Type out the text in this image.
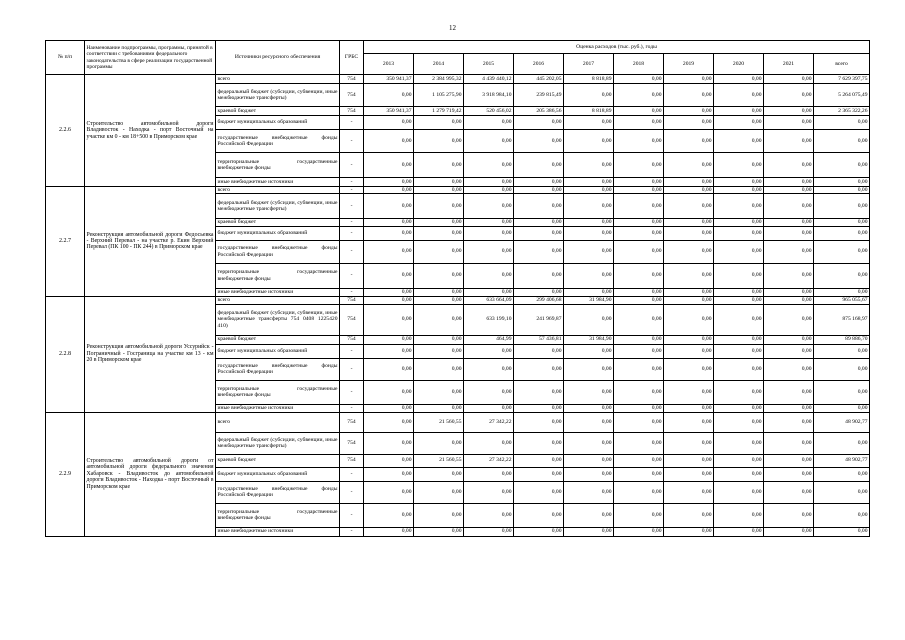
12
№ п/п	Наименование подпрограммы, программы, принятой в соответствии с требованиями федерального законодательства в сфере реализации государственной программы	Источники ресурсного обеспечения	ГРБС	Оценка расходов (тыс. руб.), годы									
				2013	2014	2015	2016	2017	2018	2019	2020	2021	всего
2.2.6	Строительство автомобильной дороги Владивосток - Находка - порт Восточный на участке км 0 - км 18+500 в Приморском крае	всего	754	350 941,37	2 384 995,32	4 439 440,12	445 202,05	8 818,89	0,00	0,00	0,00	0,00	7 629 397,75
		федеральный бюджет (субсидии, субвенции, иные межбюджетные трансферты)	754	0,00	1 105 275,90	3 918 984,10	239 815,49	0,00	0,00	0,00	0,00	0,00	5 264 075,49
		краевой бюджет	754	350 941,37	1 279 719,42	520 456,02	205 386,56	8 818,89	0,00	0,00	0,00	0,00	2 365 322,26
		бюджет муниципальных образований	-	0,00	0,00	0,00	0,00	0,00	0,00	0,00	0,00	0,00	0,00
		государственные внебюджетные фонды Российской Федерации	-	0,00	0,00	0,00	0,00	0,00	0,00	0,00	0,00	0,00	0,00
		территориальные государственные внебюджетные фонды	-	0,00	0,00	0,00	0,00	0,00	0,00	0,00	0,00	0,00	0,00
		иные внебюджетные источники	-	0,00	0,00	0,00	0,00	0,00	0,00	0,00	0,00	0,00	0,00
2.2.7	Реконструкция автомобильной дороги Федосьевка - Верхний Перевал - на участке р. Екин Верхний Перевал (ПК 100 - ПК 244) в Приморском крае	всего	-	0,00	0,00	0,00	0,00	0,00	0,00	0,00	0,00	0,00	0,00
		федеральный бюджет (субсидии, субвенции, иные межбюджетные трансферты)	-	0,00	0,00	0,00	0,00	0,00	0,00	0,00	0,00	0,00	0,00
		краевой бюджет	-	0,00	0,00	0,00	0,00	0,00	0,00	0,00	0,00	0,00	0,00
		бюджет муниципальных образований	-	0,00	0,00	0,00	0,00	0,00	0,00	0,00	0,00	0,00	0,00
		государственные внебюджетные фонды Российской Федерации	-	0,00	0,00	0,00	0,00	0,00	0,00	0,00	0,00	0,00	0,00
		территориальные государственные внебюджетные фонды	-	0,00	0,00	0,00	0,00	0,00	0,00	0,00	0,00	0,00	0,00
		иные внебюджетные источники	-	0,00	0,00	0,00	0,00	0,00	0,00	0,00	0,00	0,00	0,00
2.2.8	Реконструкция автомобильной дороги Уссурийск - Пограничный - Госграница на участке км 13 - км 20 в Приморском крае	всего	754	0,00	0,00	633 664,09	299 406,68	31 984,90	0,00	0,00	0,00	0,00	965 055,67
		федеральный бюджет (субсидии, субвенции, иные межбюджетные трансферты 754 0408 1225420 410)	754	0,00	0,00	633 199,10	241 969,87	0,00	0,00	0,00	0,00	0,00	875 168,97
		краевой бюджет	754	0,00	0,00	464,99	57 436,81	31 984,90	0,00	0,00	0,00	0,00	89 886,70
		бюджет муниципальных образований	-	0,00	0,00	0,00	0,00	0,00	0,00	0,00	0,00	0,00	0,00
		государственные внебюджетные фонды Российской Федерации	-	0,00	0,00	0,00	0,00	0,00	0,00	0,00	0,00	0,00	0,00
		территориальные государственные внебюджетные фонды	-	0,00	0,00	0,00	0,00	0,00	0,00	0,00	0,00	0,00	0,00
		иные внебюджетные источники	-	0,00	0,00	0,00	0,00	0,00	0,00	0,00	0,00	0,00	0,00
2.2.9	Строительство автомобильной дороги от автомобильной дороги федерального значения Хабаровск - Владивосток до автомобильной дороги Владивосток - Находка - порт Восточный в Приморском крае	всего	754	0,00	21 560,55	27 342,22	0,00	0,00	0,00	0,00	0,00	0,00	48 902,77
		федеральный бюджет (субсидии, субвенции, иные межбюджетные трансферты)	754	0,00	0,00	0,00	0,00	0,00	0,00	0,00	0,00	0,00	0,00
		краевой бюджет	754	0,00	21 560,55	27 342,22	0,00	0,00	0,00	0,00	0,00	0,00	48 902,77
		бюджет муниципальных образований	-	0,00	0,00	0,00	0,00	0,00	0,00	0,00	0,00	0,00	0,00
		государственные внебюджетные фонды Российской Федерации	-	0,00	0,00	0,00	0,00	0,00	0,00	0,00	0,00	0,00	0,00
		территориальные государственные внебюджетные фонды	-	0,00	0,00	0,00	0,00	0,00	0,00	0,00	0,00	0,00	0,00
		иные внебюджетные источники	-	0,00	0,00	0,00	0,00	0,00	0,00	0,00	0,00	0,00	0,00
